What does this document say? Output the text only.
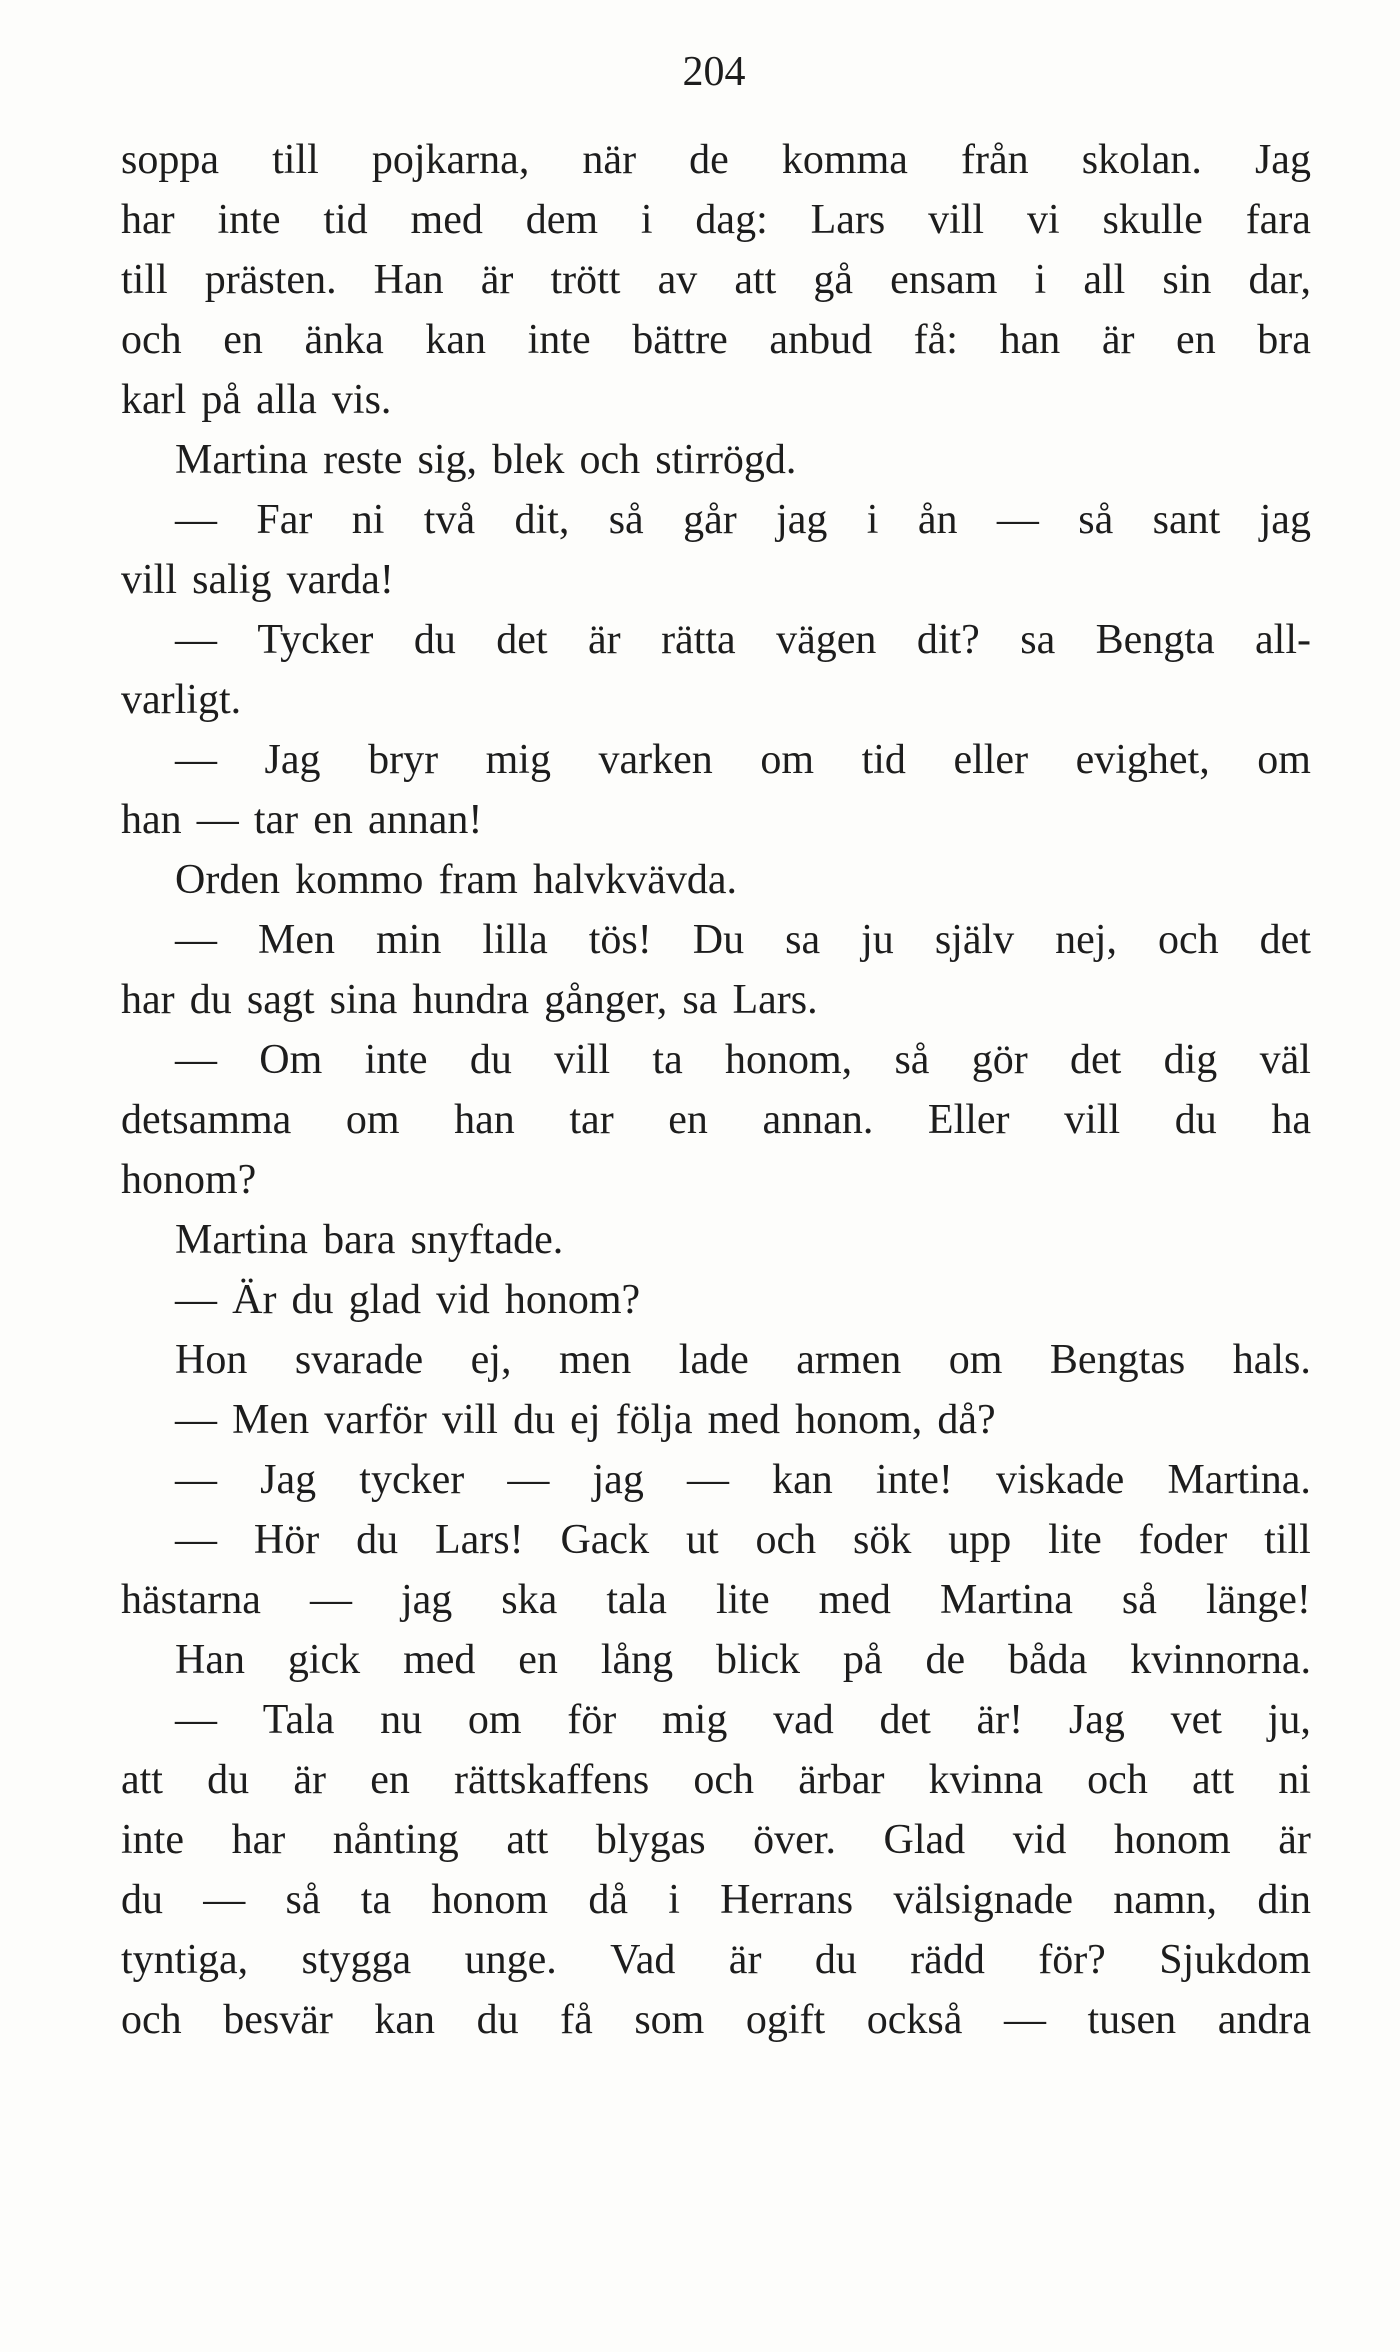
204
soppa till pojkarna, när de komma från skolan. Jag
har inte tid med dem i dag: Lars vill vi skulle fara
till prästen. Han är trött av att gå ensam i all sin dar,
och en änka kan inte bättre anbud få: han är en bra
karl på alla vis.
Martina reste sig, blek och stirrögd.
— Far ni två dit, så går jag i ån — så sant jag
vill salig varda!
— Tycker du det är rätta vägen dit? sa Bengta all-
varligt.
— Jag bryr mig varken om tid eller evighet, om
han — tar en annan!
Orden kommo fram halvkvävda.
— Men min lilla tös! Du sa ju själv nej, och det
har du sagt sina hundra gånger, sa Lars.
— Om inte du vill ta honom, så gör det dig väl
detsamma om han tar en annan. Eller vill du ha
honom?
Martina bara snyftade.
— Är du glad vid honom?
Hon svarade ej, men lade armen om Bengtas hals.
— Men varför vill du ej följa med honom, då?
— Jag tycker — jag — kan inte! viskade Martina.
— Hör du Lars! Gack ut och sök upp lite foder till
hästarna — jag ska tala lite med Martina så länge!
Han gick med en lång blick på de båda kvinnorna.
— Tala nu om för mig vad det är! Jag vet ju,
att du är en rättskaffens och ärbar kvinna och att ni
inte har nånting att blygas över. Glad vid honom är
du — så ta honom då i Herrans välsignade namn, din
tyntiga, stygga unge. Vad är du rädd för? Sjukdom
och besvär kan du få som ogift också — tusen andra
